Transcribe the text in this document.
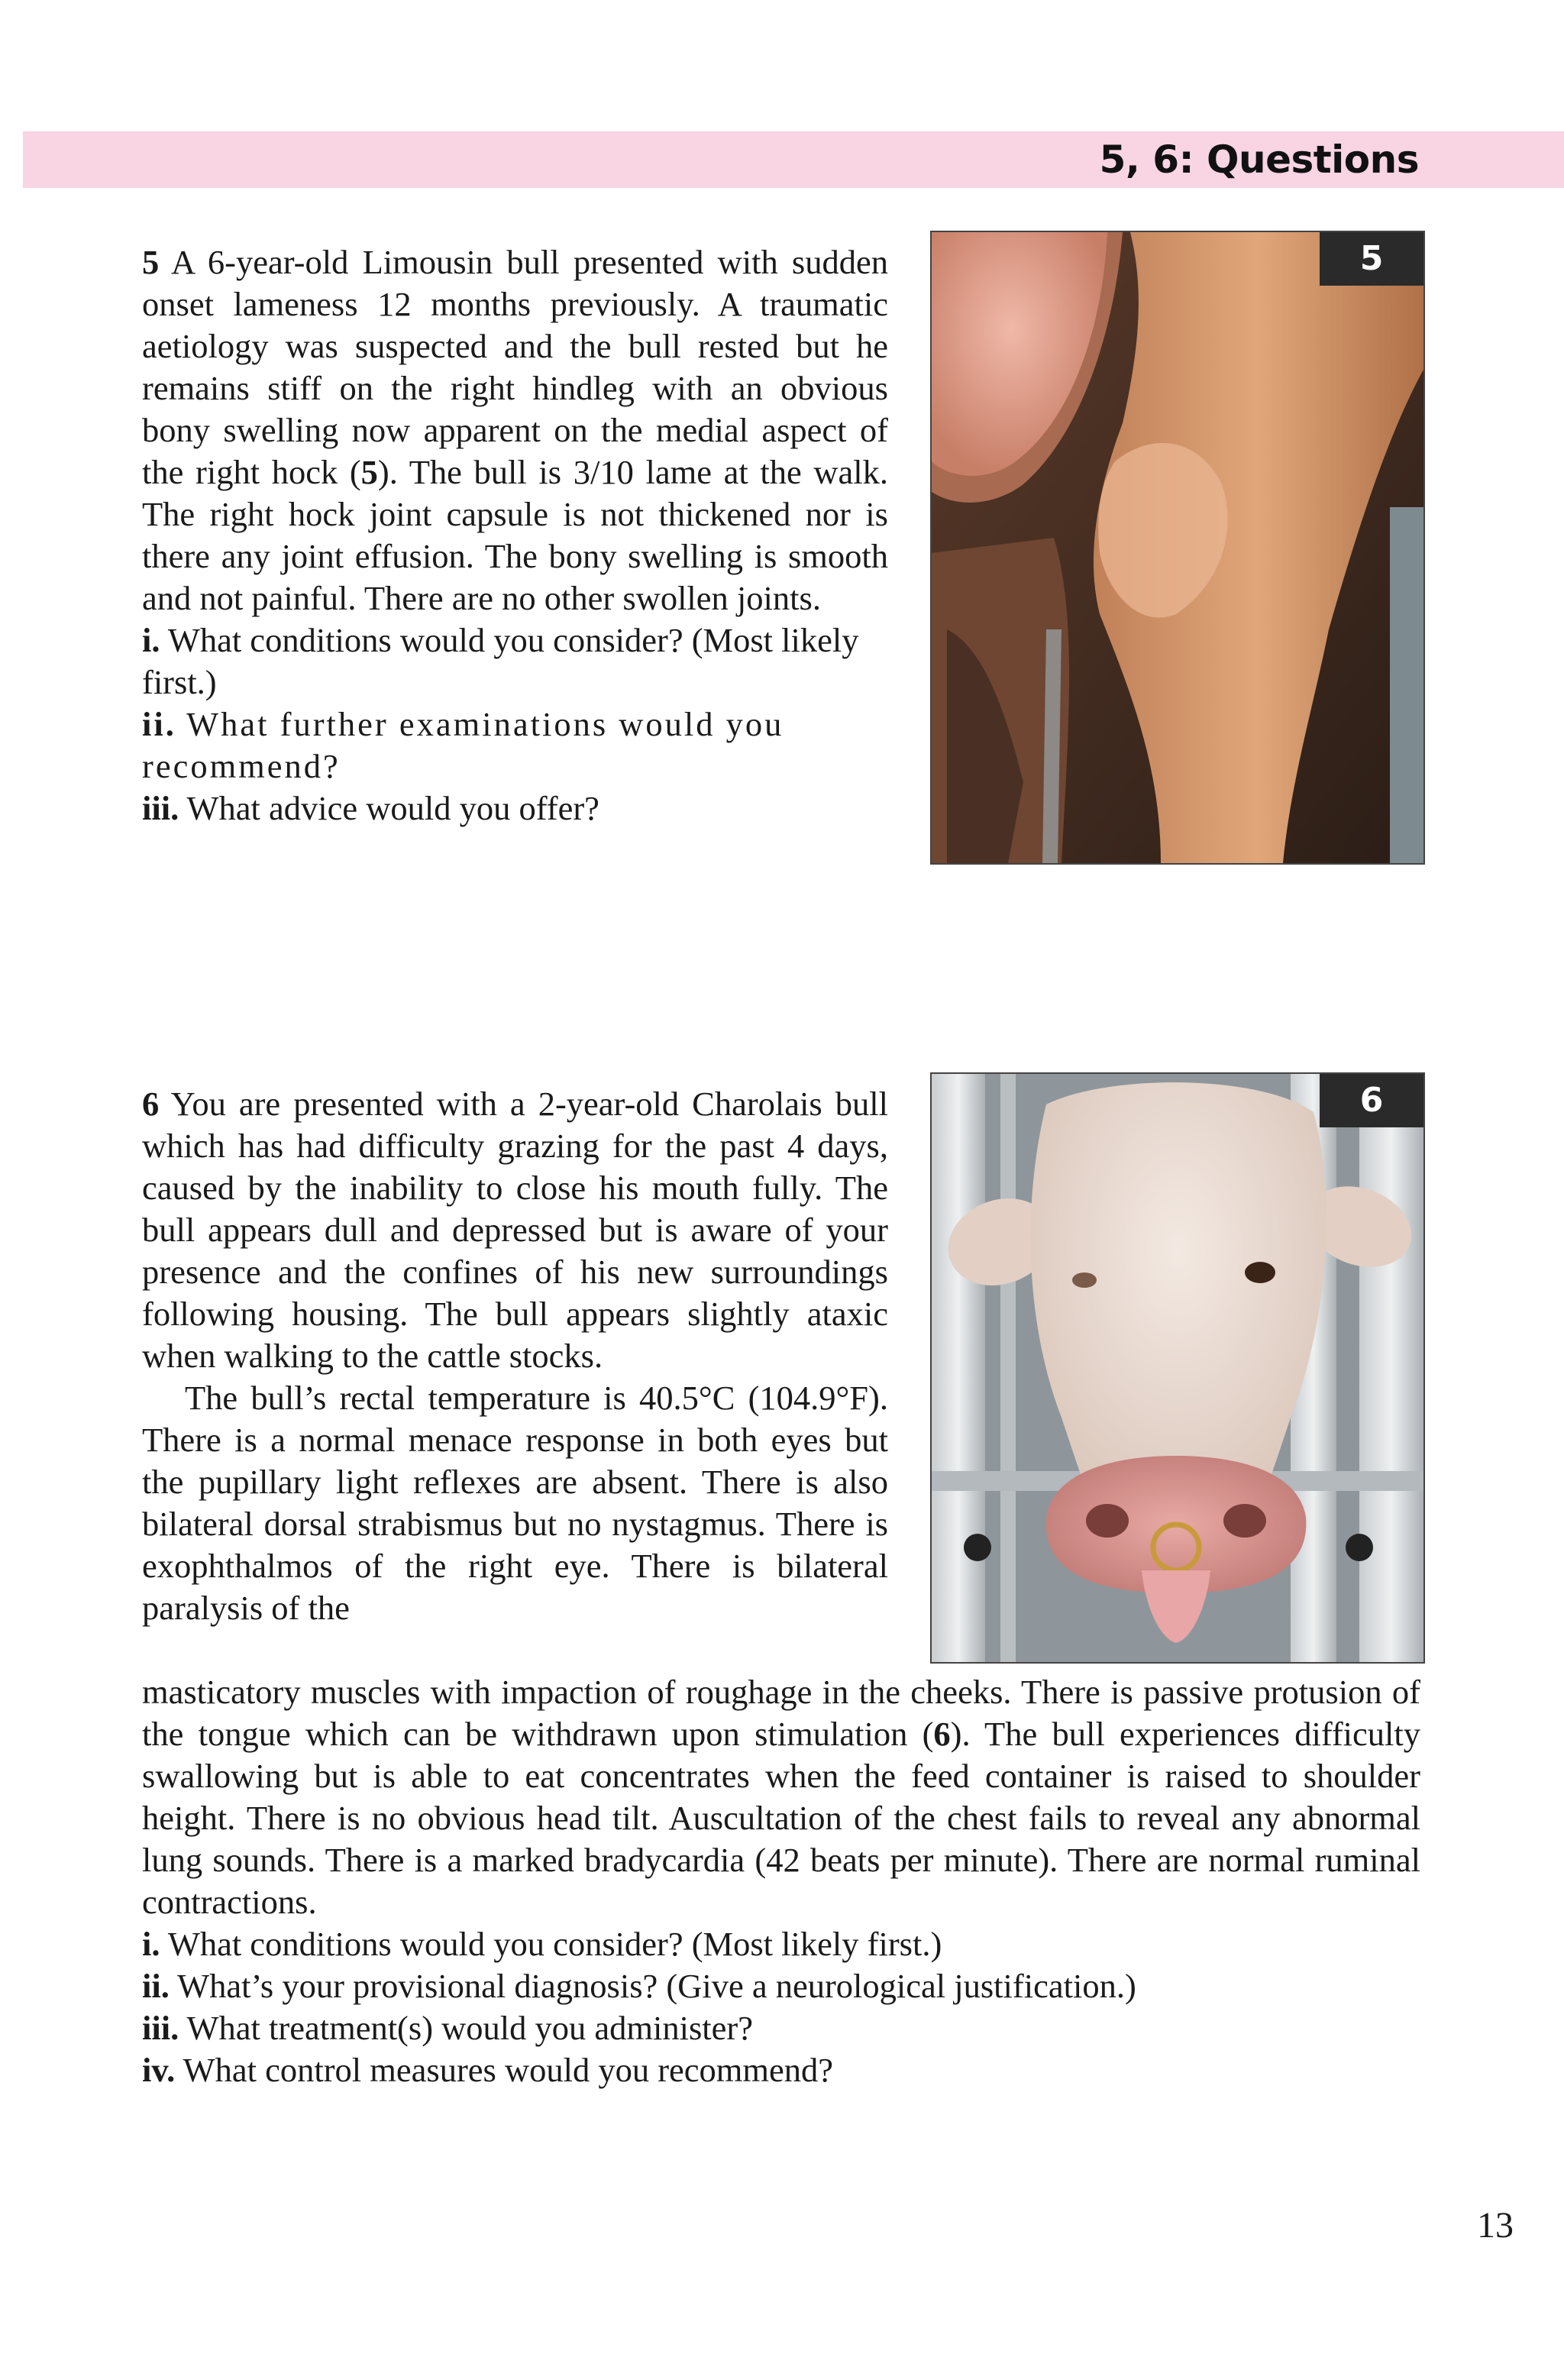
5, 6: Questions

5 A 6-year-old Limousin bull presented with sudden onset lameness 12 months previously. A traumatic aetiology was suspected and the bull rested but he remains stiff on the right hindleg with an obvious bony swelling now apparent on the medial aspect of the right hock (5). The bull is 3/10 lame at the walk. The right hock joint capsule is not thickened nor is there any joint effusion. The bony swelling is smooth and not painful. There are no other swollen joints.

i. What conditions would you consider? (Most likely first.)

ii. What further examinations would you recommend?

iii. What advice would you offer?

5

6 You are presented with a 2-year-old Charolais bull which has had difficulty grazing for the past 4 days, caused by the inability to close his mouth fully. The bull appears dull and depressed but is aware of your presence and the confines of his new surroundings following housing. The bull appears slightly ataxic when walking to the cattle stocks.

The bull’s rectal temperature is 40.5°C (104.9°F). There is a normal menace response in both eyes but the pupillary light reflexes are absent. There is also bilateral dorsal strabismus but no nystagmus. There is exophthalmos of the right eye. There is bilateral paralysis of the

masticatory muscles with impaction of roughage in the cheeks. There is passive protusion of the tongue which can be withdrawn upon stimulation (6). The bull experiences difficulty swallowing but is able to eat concentrates when the feed container is raised to shoulder height. There is no obvious head tilt. Auscultation of the chest fails to reveal any abnormal lung sounds. There is a marked bradycardia (42 beats per minute). There are normal ruminal contractions.

i. What conditions would you consider? (Most likely first.)

ii. What’s your provisional diagnosis? (Give a neurological justification.)

iii. What treatment(s) would you administer?

iv. What control measures would you recommend?

6
13
